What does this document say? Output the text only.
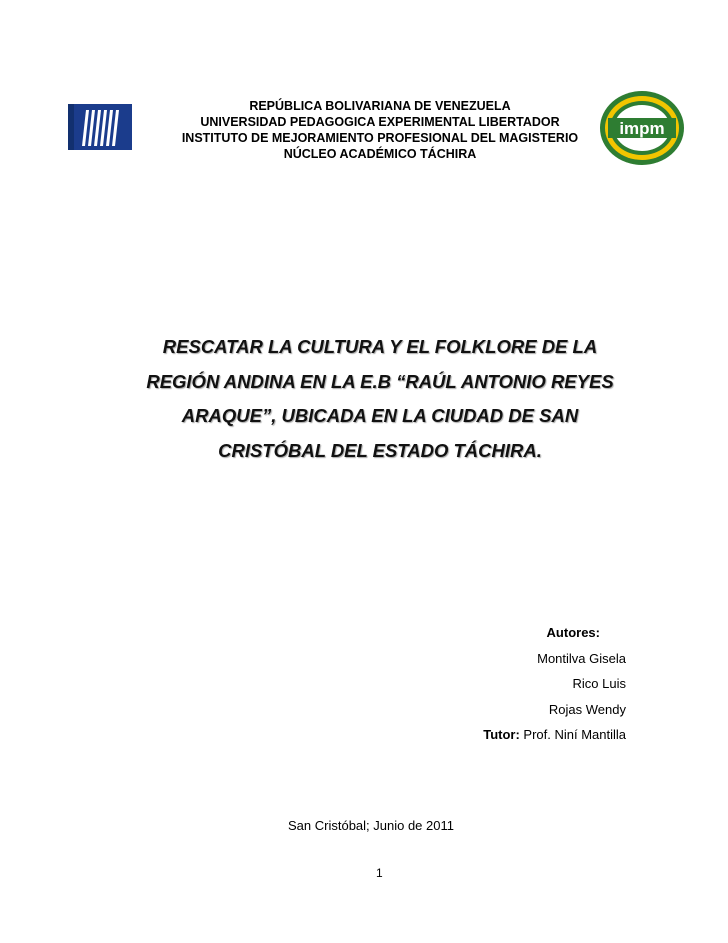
impm
REPÚBLICA BOLIVARIANA DE VENEZUELA
UNIVERSIDAD PEDAGOGICA EXPERIMENTAL LIBERTADOR
INSTITUTO DE MEJORAMIENTO PROFESIONAL DEL MAGISTERIO
NÚCLEO ACADÉMICO TÁCHIRA
RESCATAR LA CULTURA Y EL FOLKLORE DE LA
REGIÓN ANDINA EN LA E.B “RAÚL ANTONIO REYES
ARAQUE”, UBICADA EN LA CIUDAD DE SAN
CRISTÓBAL DEL ESTADO TÁCHIRA.
Autores:
Montilva Gisela
Rico Luis
Rojas Wendy
Tutor: Prof. Niní Mantilla
San Cristóbal; Junio de 2011
1
